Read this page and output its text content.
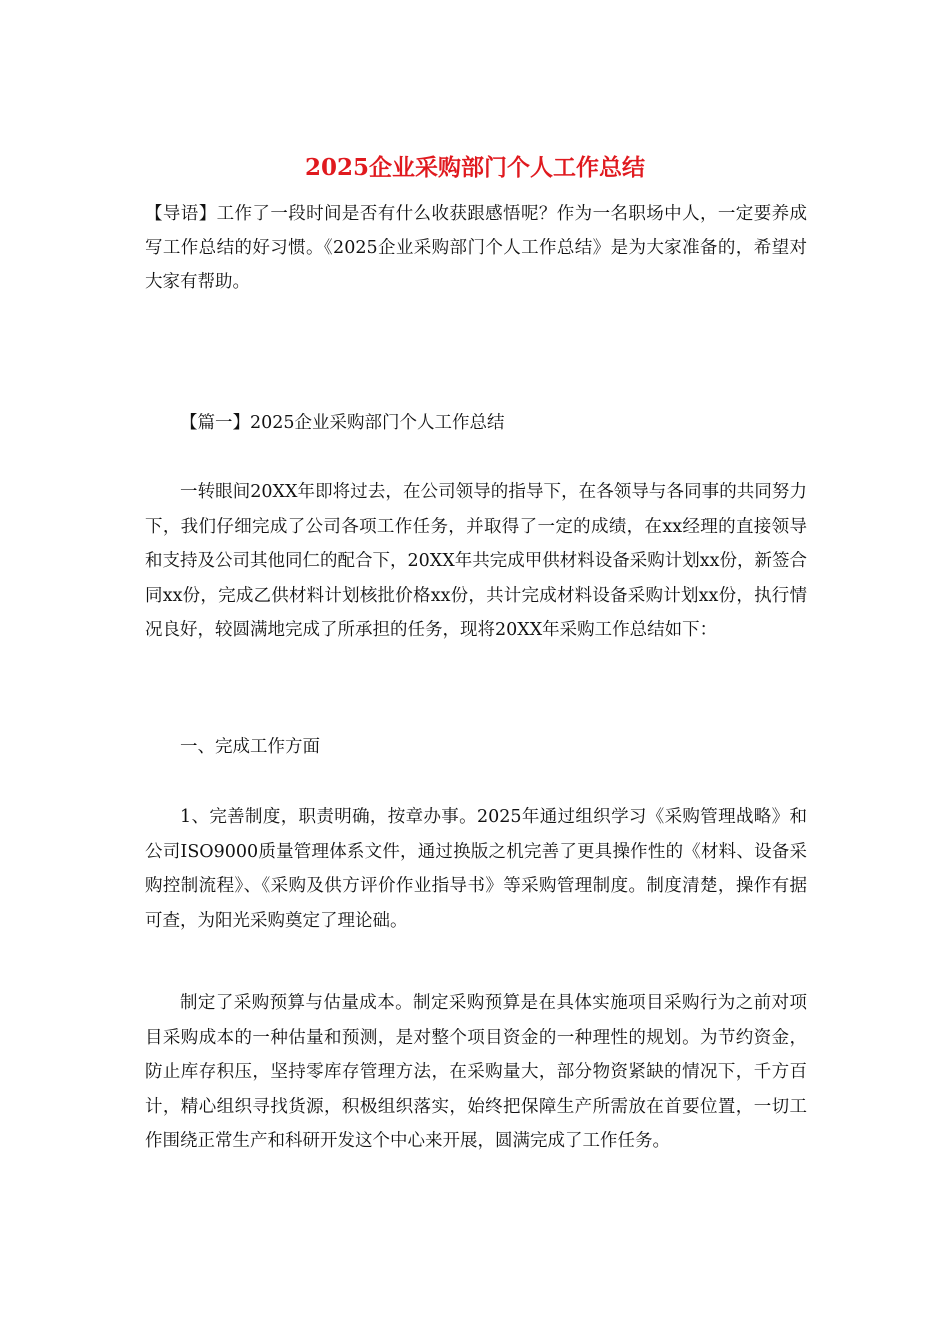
2025企业采购部门个人工作总结

【导语】工作了一段时间是否有什么收获跟感悟呢？作为一名职场中人，一定要养成写工作总结的好习惯。《2025企业采购部门个人工作总结》是为大家准备的，希望对大家有帮助。

【篇一】2025企业采购部门个人工作总结

一转眼间20XX年即将过去，在公司领导的指导下，在各领导与各同事的共同努力下，我们仔细完成了公司各项工作任务，并取得了一定的成绩，在xx经理的直接领导和支持及公司其他同仁的配合下，20XX年共完成甲供材料设备采购计划xx份，新签合同xx份，完成乙供材料计划核批价格xx份，共计完成材料设备采购计划xx份，执行情况良好，较圆满地完成了所承担的任务，现将20XX年采购工作总结如下：

一、完成工作方面

1、完善制度，职责明确，按章办事。2025年通过组织学习《采购管理战略》和公司ISO9000质量管理体系文件，通过换版之机完善了更具操作性的《材料、设备采购控制流程》、《采购及供方评价作业指导书》等采购管理制度。制度清楚，操作有据可查，为阳光采购奠定了理论础。

制定了采购预算与估量成本。制定采购预算是在具体实施项目采购行为之前对项目采购成本的一种估量和预测，是对整个项目资金的一种理性的规划。为节约资金，防止库存积压，坚持零库存管理方法，在采购量大，部分物资紧缺的情况下，千方百计，精心组织寻找货源，积极组织落实，始终把保障生产所需放在首要位置，一切工作围绕正常生产和科研开发这个中心来开展，圆满完成了工作任务。
